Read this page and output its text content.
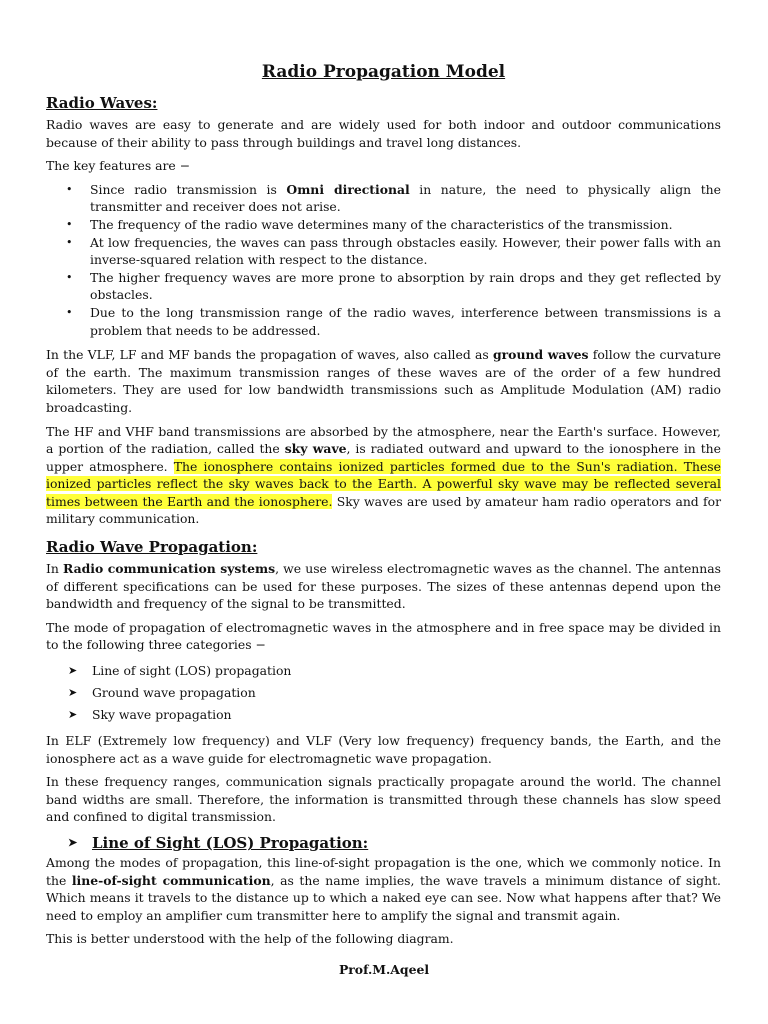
Radio Propagation Model
Radio Waves:

Radio waves are easy to generate and are widely used for both indoor and outdoor communications because of their ability to pass through buildings and travel long distances.

The key features are −

• Since radio transmission is Omni directional in nature, the need to physically align the transmitter and receiver does not arise.
• The frequency of the radio wave determines many of the characteristics of the transmission.
• At low frequencies, the waves can pass through obstacles easily. However, their power falls with an inverse-squared relation with respect to the distance.
• The higher frequency waves are more prone to absorption by rain drops and they get reflected by obstacles.
• Due to the long transmission range of the radio waves, interference between transmissions is a problem that needs to be addressed.

In the VLF, LF and MF bands the propagation of waves, also called as ground waves follow the curvature of the earth. The maximum transmission ranges of these waves are of the order of a few hundred kilometers. They are used for low bandwidth transmissions such as Amplitude Modulation (AM) radio broadcasting.

The HF and VHF band transmissions are absorbed by the atmosphere, near the Earth's surface. However, a portion of the radiation, called the sky wave, is radiated outward and upward to the ionosphere in the upper atmosphere. The ionosphere contains ionized particles formed due to the Sun's radiation. These ionized particles reflect the sky waves back to the Earth. A powerful sky wave may be reflected several times between the Earth and the ionosphere. Sky waves are used by amateur ham radio operators and for military communication.

Radio Wave Propagation:

In Radio communication systems, we use wireless electromagnetic waves as the channel. The antennas of different specifications can be used for these purposes. The sizes of these antennas depend upon the bandwidth and frequency of the signal to be transmitted.

The mode of propagation of electromagnetic waves in the atmosphere and in free space may be divided in to the following three categories −

➤ Line of sight (LOS) propagation
➤ Ground wave propagation
➤ Sky wave propagation

In ELF (Extremely low frequency) and VLF (Very low frequency) frequency bands, the Earth, and the ionosphere act as a wave guide for electromagnetic wave propagation.

In these frequency ranges, communication signals practically propagate around the world. The channel band widths are small. Therefore, the information is transmitted through these channels has slow speed and confined to digital transmission.

➤ Line of Sight (LOS) Propagation:

Among the modes of propagation, this line-of-sight propagation is the one, which we commonly notice. In the line-of-sight communication, as the name implies, the wave travels a minimum distance of sight. Which means it travels to the distance up to which a naked eye can see. Now what happens after that? We need to employ an amplifier cum transmitter here to amplify the signal and transmit again.

This is better understood with the help of the following diagram.

Prof.M.Aqeel
